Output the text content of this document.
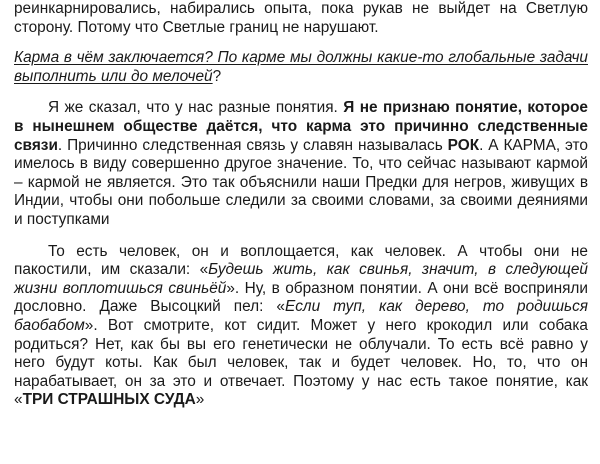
реинкарнировались, набирались опыта, пока рукав не выйдет на Светлую сторону. Потому что Светлые границ не нарушают.

Карма в чём заключается? По карме мы должны какие-то глобальные задачи выполнить или до мелочей?

Я же сказал, что у нас разные понятия. Я не признаю понятие, которое в нынешнем обществе даётся, что карма это причинно следственные связи. Причинно следственная связь у славян называлась РОК. А КАРМА, это имелось в виду совершенно другое значение. То, что сейчас называют кармой – кармой не является. Это так объяснили наши Предки для негров, живущих в Индии, чтобы они побольше следили за своими словами, за своими деяниями и поступками

То есть человек, он и воплощается, как человек. А чтобы они не пакостили, им сказали: «Будешь жить, как свинья, значит, в следующей жизни воплотишься свиньёй». Ну, в образном понятии. А они всё восприняли дословно. Даже Высоцкий пел: «Если туп, как дерево, то родишься баобабом». Вот смотрите, кот сидит. Может у него крокодил или собака родиться? Нет, как бы вы его генетически не облучали. То есть всё равно у него будут коты. Как был человек, так и будет человек. Но, то, что он нарабатывает, он за это и отвечает. Поэтому у нас есть такое понятие, как «ТРИ СТРАШНЫХ СУДА»
